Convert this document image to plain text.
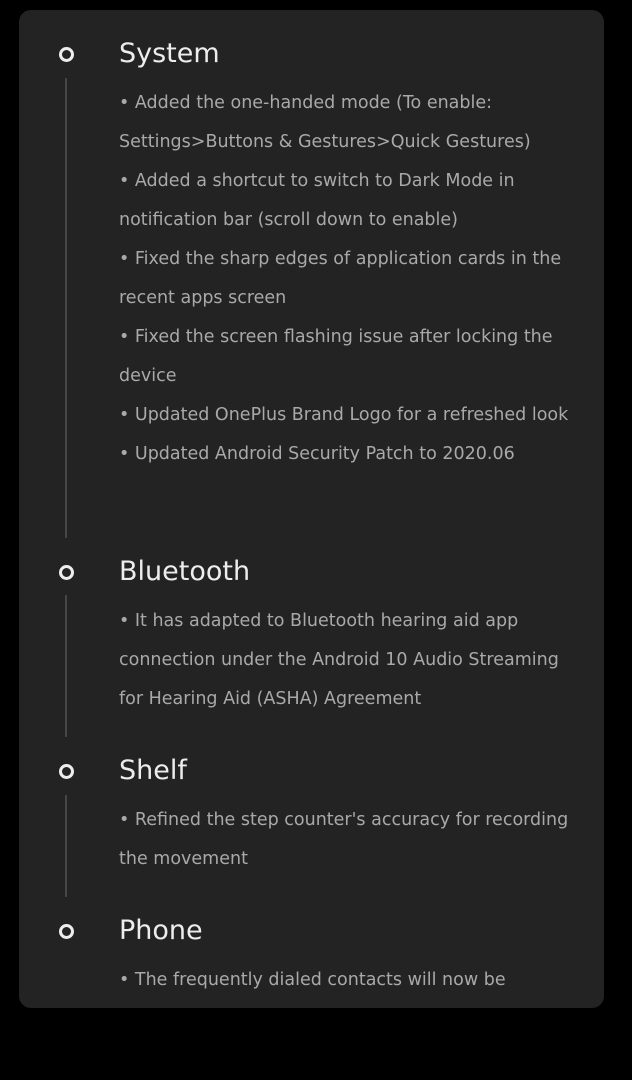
System
• Added the one-handed mode (To enable: Settings>Buttons & Gestures>Quick Gestures)
• Added a shortcut to switch to Dark Mode in notification bar (scroll down to enable)
• Fixed the sharp edges of application cards in the recent apps screen
• Fixed the screen flashing issue after locking the device
• Updated OnePlus Brand Logo for a refreshed look
• Updated Android Security Patch to 2020.06
Bluetooth
• It has adapted to Bluetooth hearing aid app connection under the Android 10 Audio Streaming for Hearing Aid (ASHA) Agreement
Shelf
• Refined the step counter's accuracy for recording the movement
Phone
• The frequently dialed contacts will now be
